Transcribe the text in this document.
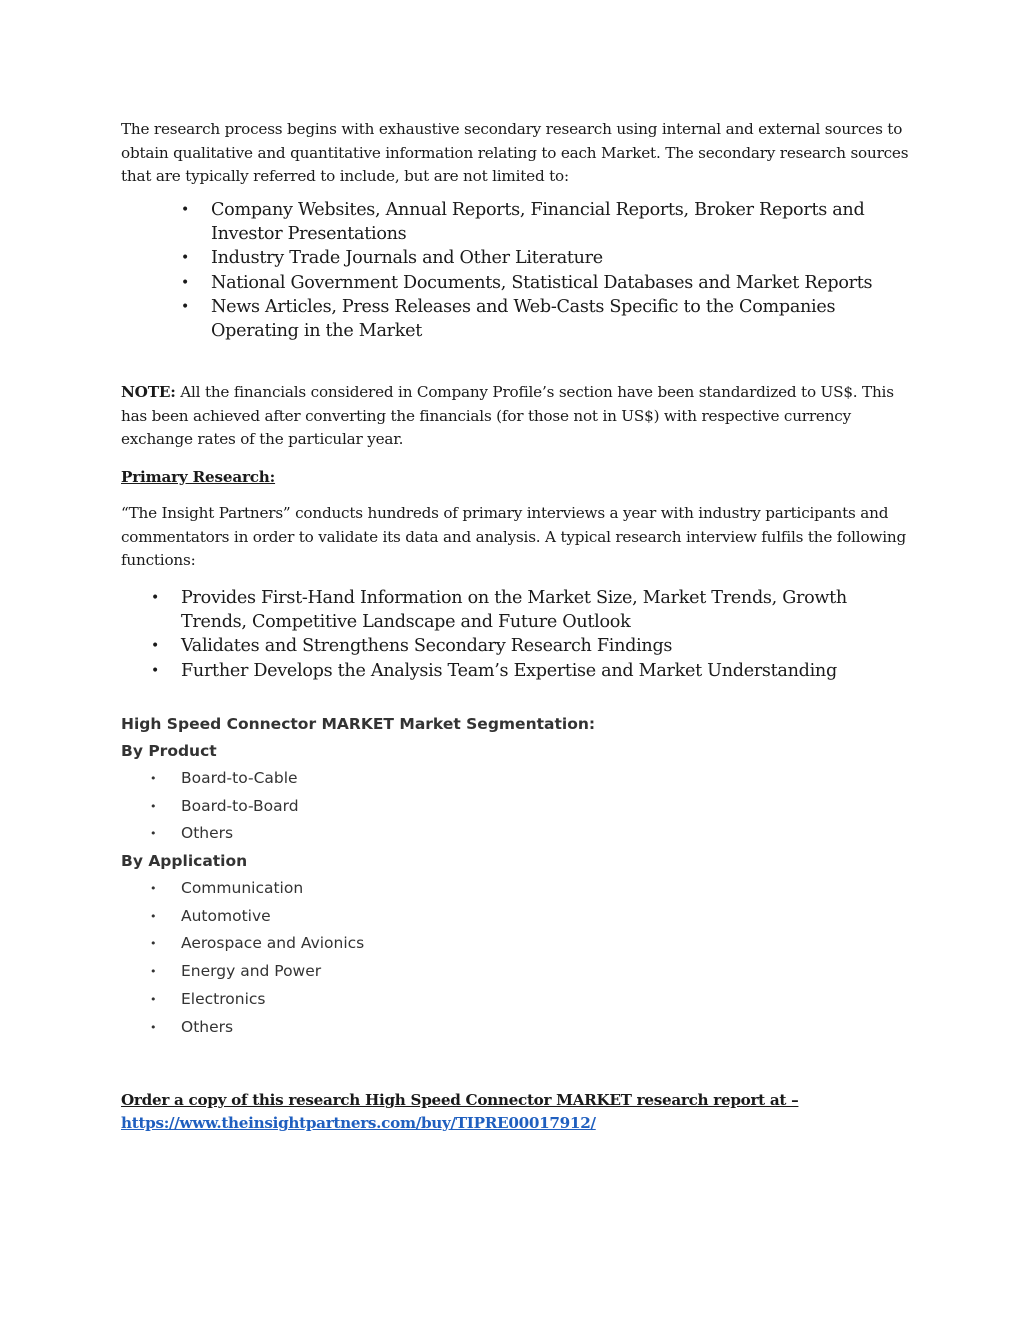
The research process begins with exhaustive secondary research using internal and external sources to obtain qualitative and quantitative information relating to each Market. The secondary research sources that are typically referred to include, but are not limited to:

• Company Websites, Annual Reports, Financial Reports, Broker Reports and Investor Presentations
• Industry Trade Journals and Other Literature
• National Government Documents, Statistical Databases and Market Reports
• News Articles, Press Releases and Web-Casts Specific to the Companies Operating in the Market

NOTE: All the financials considered in Company Profile’s section have been standardized to US$. This has been achieved after converting the financials (for those not in US$) with respective currency exchange rates of the particular year.

Primary Research:

“The Insight Partners” conducts hundreds of primary interviews a year with industry participants and commentators in order to validate its data and analysis. A typical research interview fulfils the following functions:

• Provides First-Hand Information on the Market Size, Market Trends, Growth Trends, Competitive Landscape and Future Outlook
• Validates and Strengthens Secondary Research Findings
• Further Develops the Analysis Team’s Expertise and Market Understanding

High Speed Connector MARKET Market Segmentation:

By Product

• Board-to-Cable
• Board-to-Board
• Others

By Application

• Communication
• Automotive
• Aerospace and Avionics
• Energy and Power
• Electronics
• Others
Order a copy of this research High Speed Connector MARKET research report at –
https://www.theinsightpartners.com/buy/TIPRE00017912/
